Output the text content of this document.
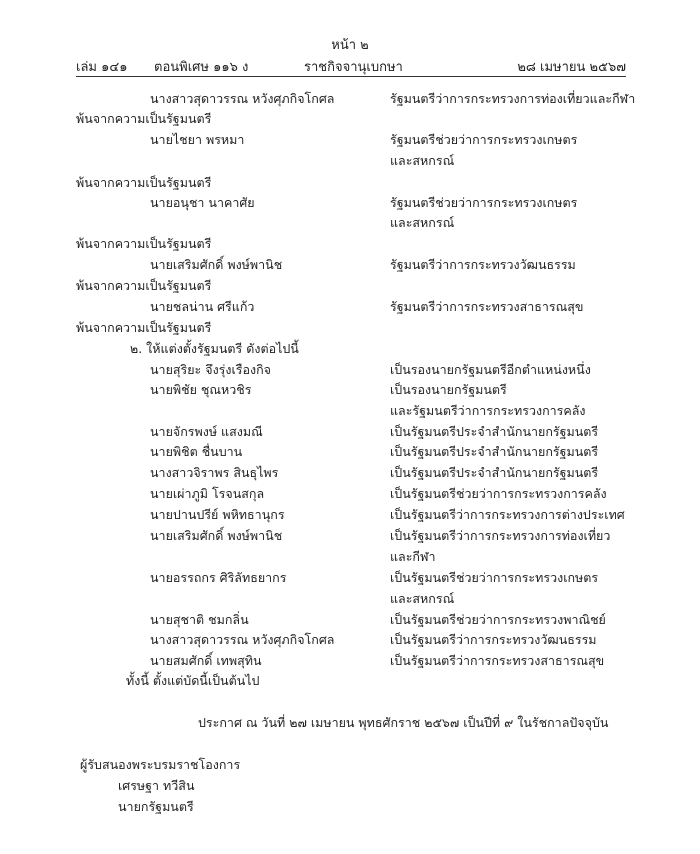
หน้า ๒
เล่ม ๑๔๑ ตอนพิเศษ ๑๑๖ ง	ราชกิจจานุเบกษา	๒๘ เมษายน ๒๕๖๗
นางสาวสุดาวรรณ หวังศุภกิจโกศล	รัฐมนตรีว่าการกระทรวงการท่องเที่ยวและกีฬา
พ้นจากความเป็นรัฐมนตรี
นายไชยา พรหมา	รัฐมนตรีช่วยว่าการกระทรวงเกษตร
และสหกรณ์
พ้นจากความเป็นรัฐมนตรี
นายอนุชา นาคาศัย	รัฐมนตรีช่วยว่าการกระทรวงเกษตร
และสหกรณ์
พ้นจากความเป็นรัฐมนตรี
นายเสริมศักดิ์ พงษ์พานิช	รัฐมนตรีว่าการกระทรวงวัฒนธรรม
พ้นจากความเป็นรัฐมนตรี
นายชลน่าน ศรีแก้ว	รัฐมนตรีว่าการกระทรวงสาธารณสุข
พ้นจากความเป็นรัฐมนตรี
๒. ให้แต่งตั้งรัฐมนตรี ดังต่อไปนี้
นายสุริยะ จึงรุ่งเรืองกิจ	เป็นรองนายกรัฐมนตรีอีกตำแหน่งหนึ่ง
นายพิชัย ชุณหวชิร	เป็นรองนายกรัฐมนตรี
และรัฐมนตรีว่าการกระทรวงการคลัง
นายจักรพงษ์ แสงมณี	เป็นรัฐมนตรีประจำสำนักนายกรัฐมนตรี
นายพิชิต ชื่นบาน	เป็นรัฐมนตรีประจำสำนักนายกรัฐมนตรี
นางสาวจิราพร สินธุไพร	เป็นรัฐมนตรีประจำสำนักนายกรัฐมนตรี
นายเผ่าภูมิ โรจนสกุล	เป็นรัฐมนตรีช่วยว่าการกระทรวงการคลัง
นายปานปรีย์ พหิทธานุกร	เป็นรัฐมนตรีว่าการกระทรวงการต่างประเทศ
นายเสริมศักดิ์ พงษ์พานิช	เป็นรัฐมนตรีว่าการกระทรวงการท่องเที่ยว
และกีฬา
นายอรรถกร ศิริลัทธยากร	เป็นรัฐมนตรีช่วยว่าการกระทรวงเกษตร
และสหกรณ์
นายสุชาติ ชมกลิ่น	เป็นรัฐมนตรีช่วยว่าการกระทรวงพาณิชย์
นางสาวสุดาวรรณ หวังศุภกิจโกศล	เป็นรัฐมนตรีว่าการกระทรวงวัฒนธรรม
นายสมศักดิ์ เทพสุทิน	เป็นรัฐมนตรีว่าการกระทรวงสาธารณสุข
ทั้งนี้ ตั้งแต่บัดนี้เป็นต้นไป
ประกาศ ณ วันที่ ๒๗ เมษายน พุทธศักราช ๒๕๖๗ เป็นปีที่ ๙ ในรัชกาลปัจจุบัน
ผู้รับสนองพระบรมราชโองการ
เศรษฐา ทวีสิน
นายกรัฐมนตรี
